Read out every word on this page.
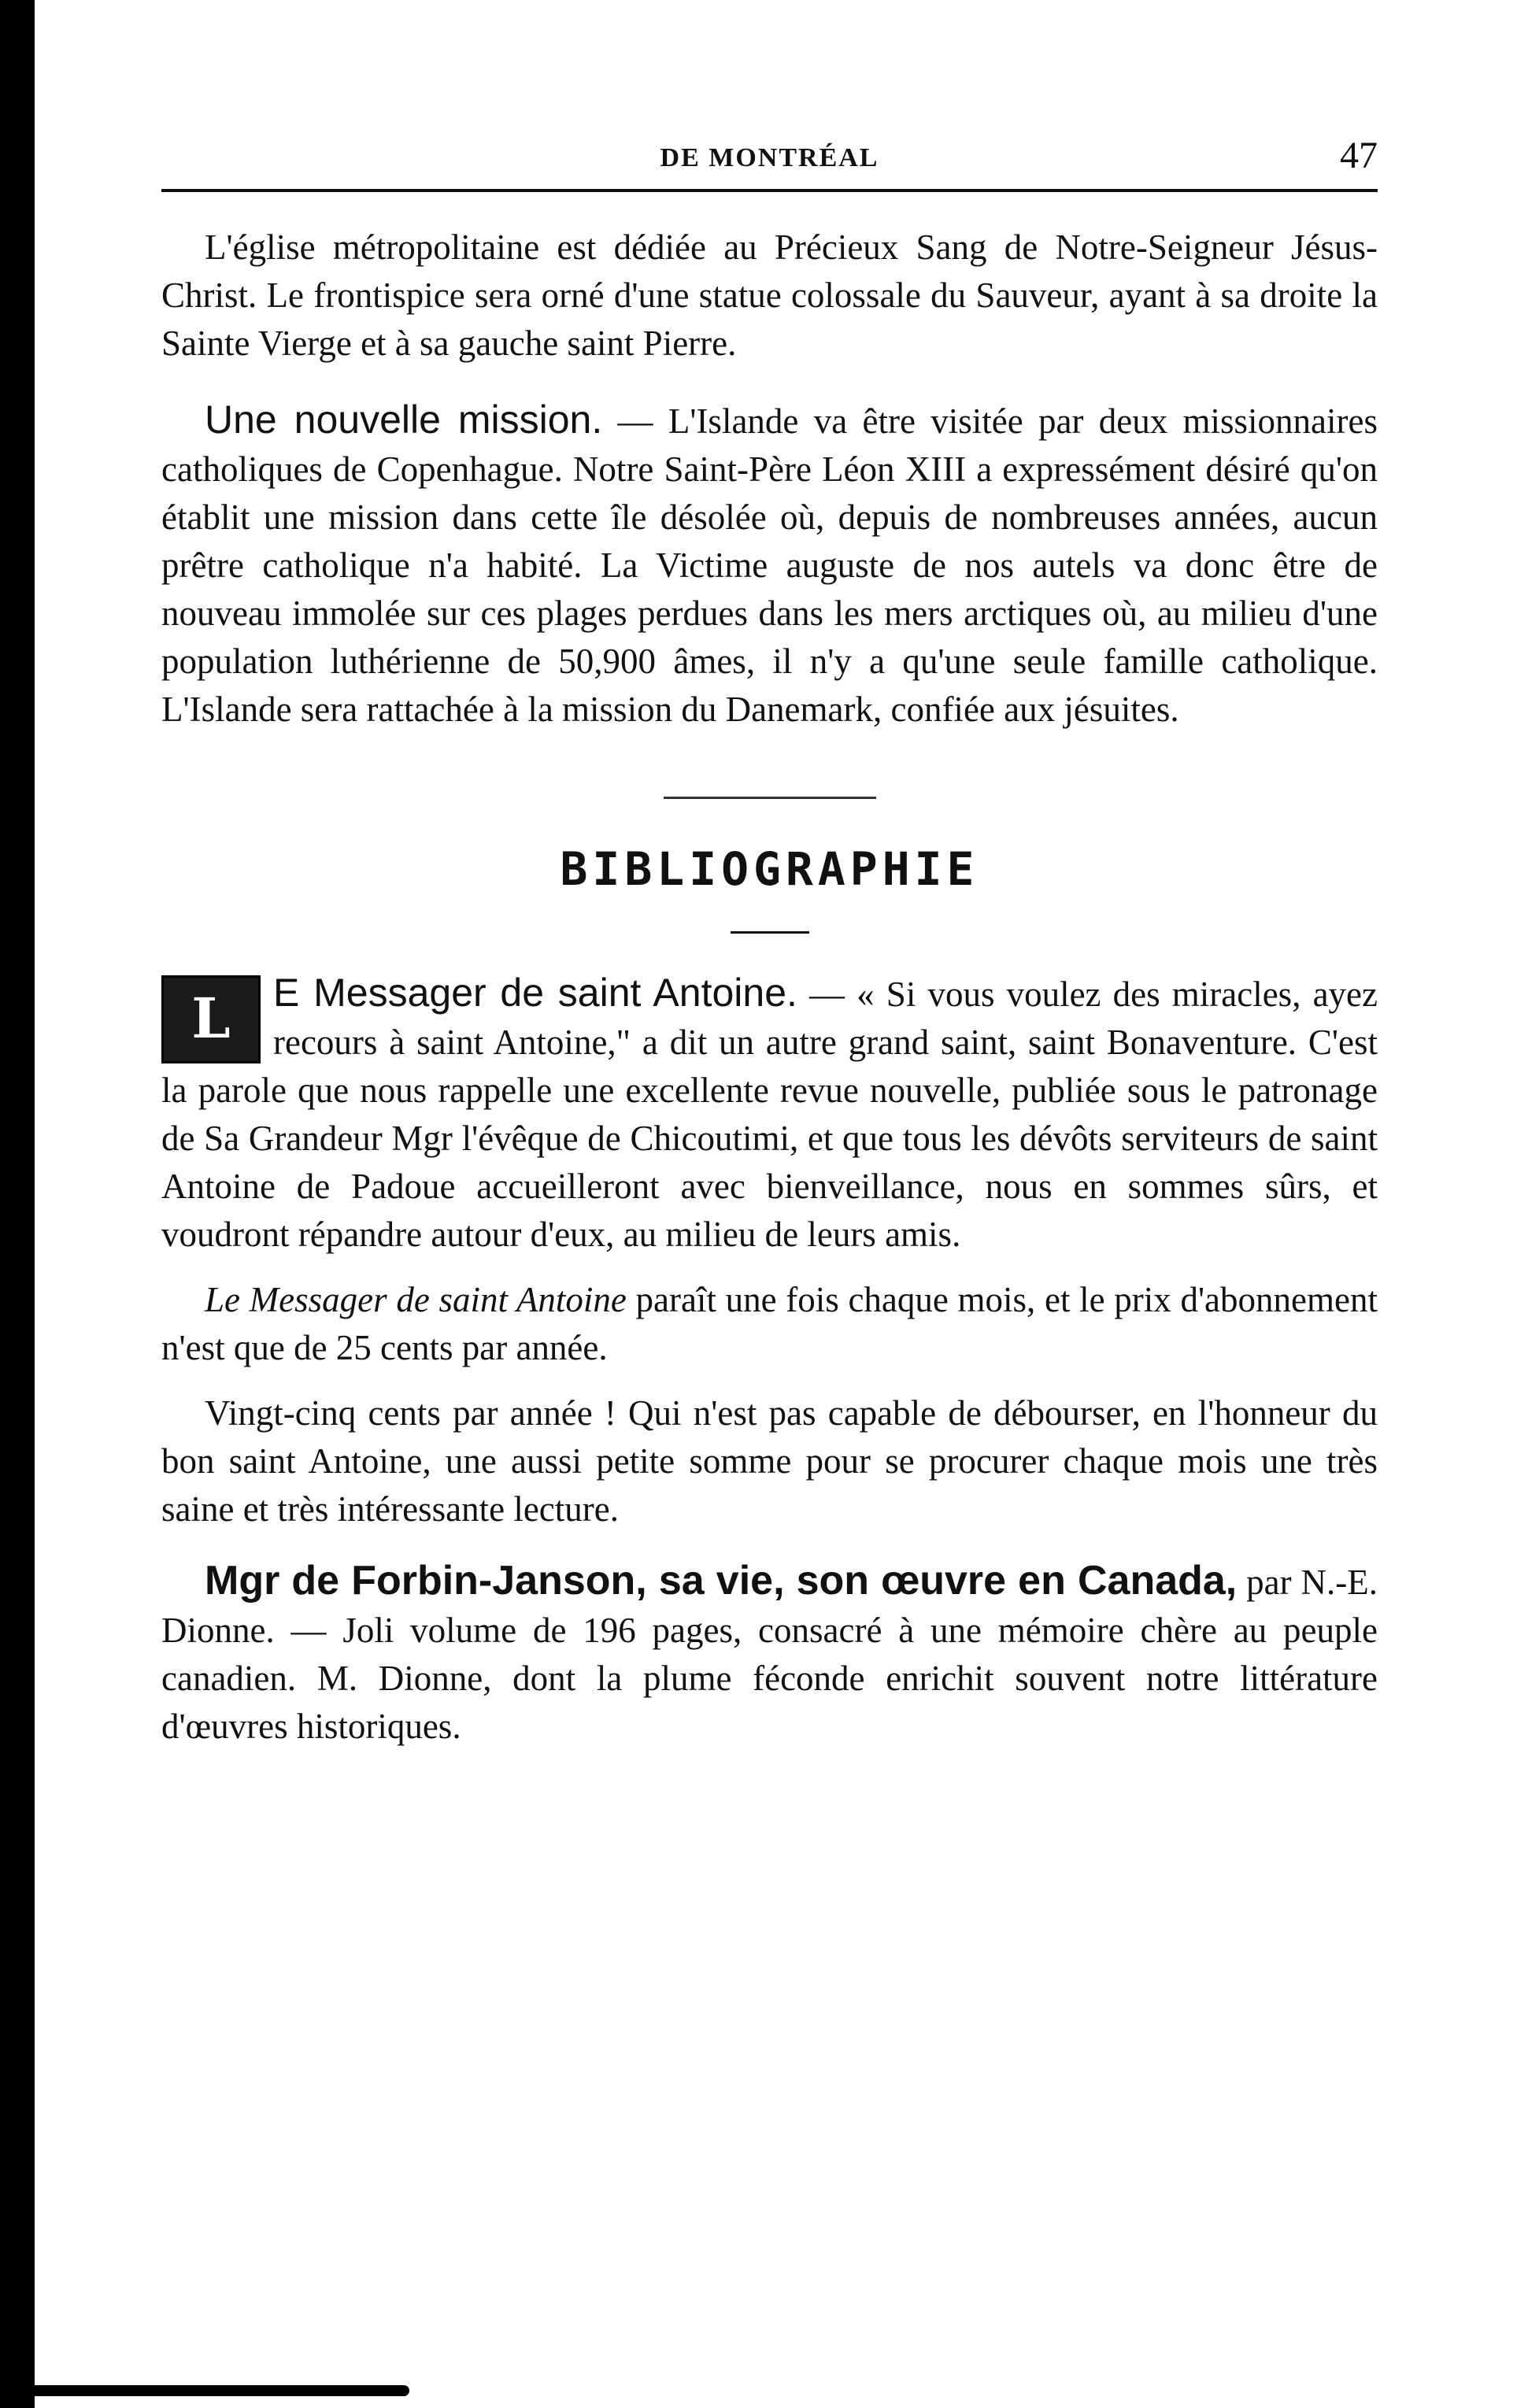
DE MONTRÉAL	47

L'église métropolitaine est dédiée au Précieux Sang de Notre-Seigneur Jésus-Christ. Le frontispice sera orné d'une statue colossale du Sauveur, ayant à sa droite la Sainte Vierge et à sa gauche saint Pierre.

Une nouvelle mission. — L'Islande va être visitée par deux missionnaires catholiques de Copenhague. Notre Saint-Père Léon XIII a expressément désiré qu'on établit une mission dans cette île désolée où, depuis de nombreuses années, aucun prêtre catholique n'a habité. La Victime auguste de nos autels va donc être de nouveau immolée sur ces plages perdues dans les mers arctiques où, au milieu d'une population luthérienne de 50,900 âmes, il n'y a qu'une seule famille catholique. L'Islande sera rattachée à la mission du Danemark, confiée aux jésuites.

BIBLIOGRAPHIE
L	E Messager de saint Antoine. — « Si vous voulez des miracles, ayez recours à saint Antoine," a dit un autre grand saint, saint Bonaventure. C'est la parole que nous rappelle une excellente revue nouvelle, publiée sous le patronage de Sa Grandeur Mgr l'évêque de Chicoutimi, et que tous les dévôts serviteurs de saint Antoine de Padoue accueilleront avec bienveillance, nous en sommes sûrs, et voudront répandre autour d'eux, au milieu de leurs amis.

Le Messager de saint Antoine paraît une fois chaque mois, et le prix d'abonnement n'est que de 25 cents par année.

Vingt-cinq cents par année ! Qui n'est pas capable de débourser, en l'honneur du bon saint Antoine, une aussi petite somme pour se procurer chaque mois une très saine et très intéressante lecture.

Mgr de Forbin-Janson, sa vie, son œuvre en Canada, par N.-E. Dionne. — Joli volume de 196 pages, consacré à une mémoire chère au peuple canadien. M. Dionne, dont la plume féconde enrichit souvent notre littérature d'œuvres historiques.
